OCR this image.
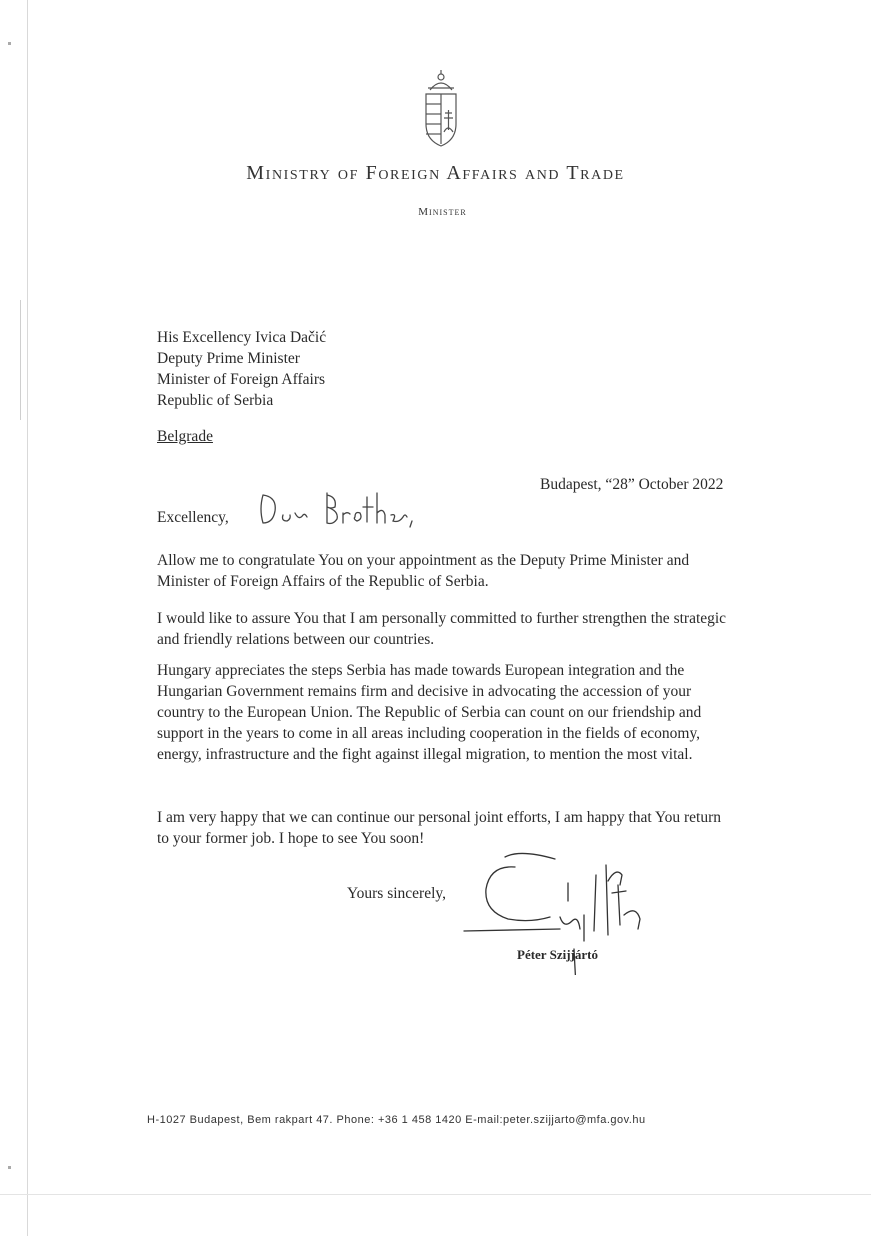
Ministry of Foreign Affairs and Trade
Minister
His Excellency Ivica Dačić
Deputy Prime Minister
Minister of Foreign Affairs
Republic of Serbia
Belgrade
Budapest, “28” October 2022
Excellency,
Allow me to congratulate You on your appointment as the Deputy Prime Minister and Minister of Foreign Affairs of the Republic of Serbia.
I would like to assure You that I am personally committed to further strengthen the strategic and friendly relations between our countries.
Hungary appreciates the steps Serbia has made towards European integration and the Hungarian Government remains firm and decisive in advocating the accession of your country to the European Union. The Republic of Serbia can count on our friendship and support in the years to come in all areas including cooperation in the fields of economy, energy, infrastructure and the fight against illegal migration, to mention the most vital.
I am very happy that we can continue our personal joint efforts, I am happy that You return to your former job. I hope to see You soon!
Yours sincerely,
Péter Szijjártó
H-1027 Budapest, Bem rakpart 47. Phone: +36 1 458 1420 E-mail:peter.szijjarto@mfa.gov.hu
